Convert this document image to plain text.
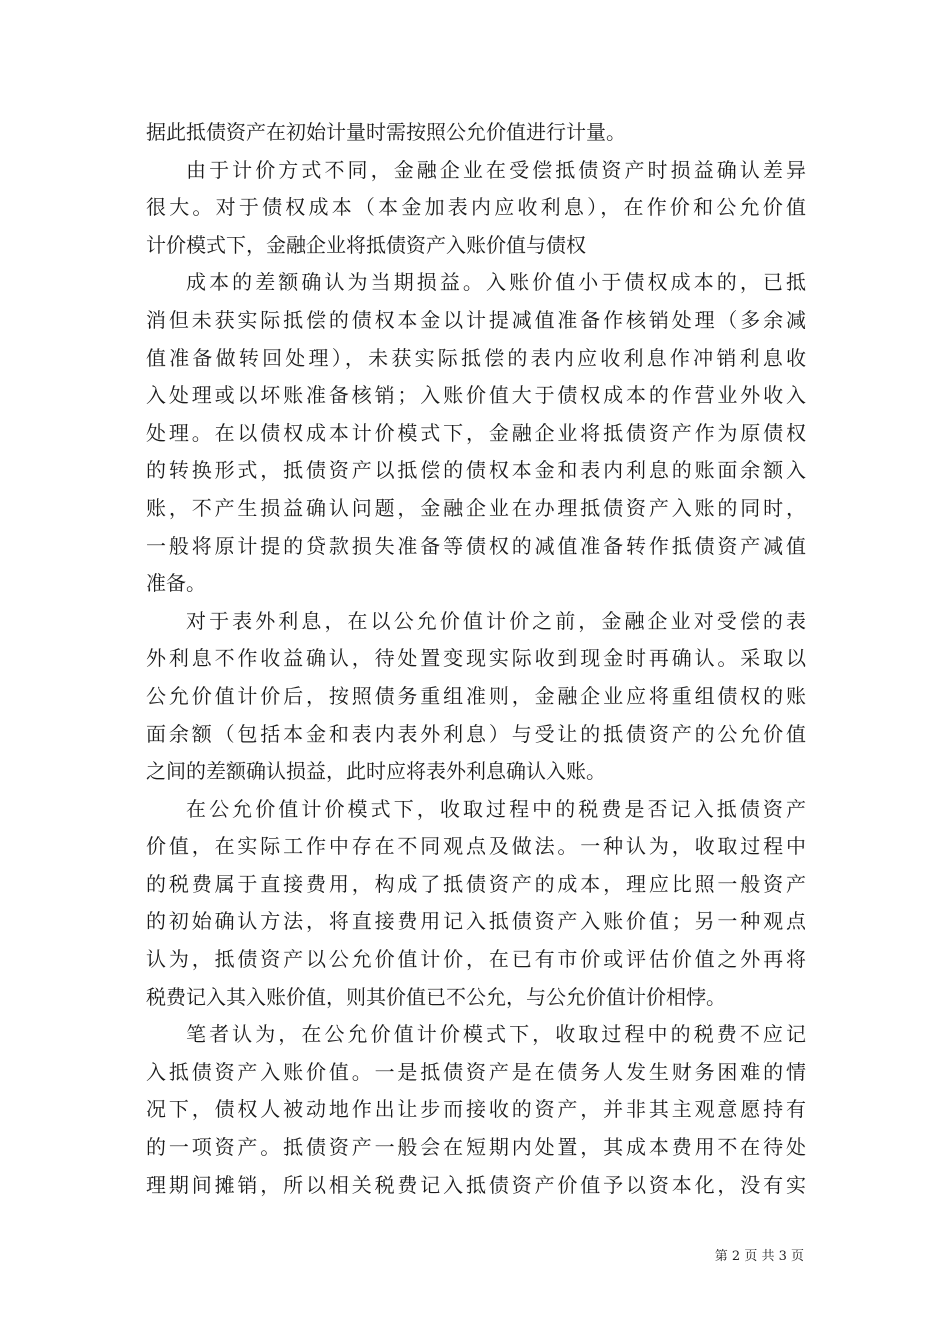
据此抵债资产在初始计量时需按照公允价值进行计量。
由于计价方式不同，金融企业在受偿抵债资产时损益确认差异
很大。对于债权成本（本金加表内应收利息），在作价和公允价值
计价模式下，金融企业将抵债资产入账价值与债权
成本的差额确认为当期损益。入账价值小于债权成本的，已抵
消但未获实际抵偿的债权本金以计提减值准备作核销处理（多余减
值准备做转回处理），未获实际抵偿的表内应收利息作冲销利息收
入处理或以坏账准备核销；入账价值大于债权成本的作营业外收入
处理。在以债权成本计价模式下，金融企业将抵债资产作为原债权
的转换形式，抵债资产以抵偿的债权本金和表内利息的账面余额入
账，不产生损益确认问题，金融企业在办理抵债资产入账的同时，
一般将原计提的贷款损失准备等债权的减值准备转作抵债资产减值
准备。
对于表外利息，在以公允价值计价之前，金融企业对受偿的表
外利息不作收益确认，待处置变现实际收到现金时再确认。采取以
公允价值计价后，按照债务重组准则，金融企业应将重组债权的账
面余额（包括本金和表内表外利息）与受让的抵债资产的公允价值
之间的差额确认损益，此时应将表外利息确认入账。
在公允价值计价模式下，收取过程中的税费是否记入抵债资产
价值，在实际工作中存在不同观点及做法。一种认为，收取过程中
的税费属于直接费用，构成了抵债资产的成本，理应比照一般资产
的初始确认方法，将直接费用记入抵债资产入账价值；另一种观点
认为，抵债资产以公允价值计价，在已有市价或评估价值之外再将
税费记入其入账价值，则其价值已不公允，与公允价值计价相悖。
笔者认为，在公允价值计价模式下，收取过程中的税费不应记
入抵债资产入账价值。一是抵债资产是在债务人发生财务困难的情
况下，债权人被动地作出让步而接收的资产，并非其主观意愿持有
的一项资产。抵债资产一般会在短期内处置，其成本费用不在待处
理期间摊销，所以相关税费记入抵债资产价值予以资本化，没有实
第 2 页 共 3 页
